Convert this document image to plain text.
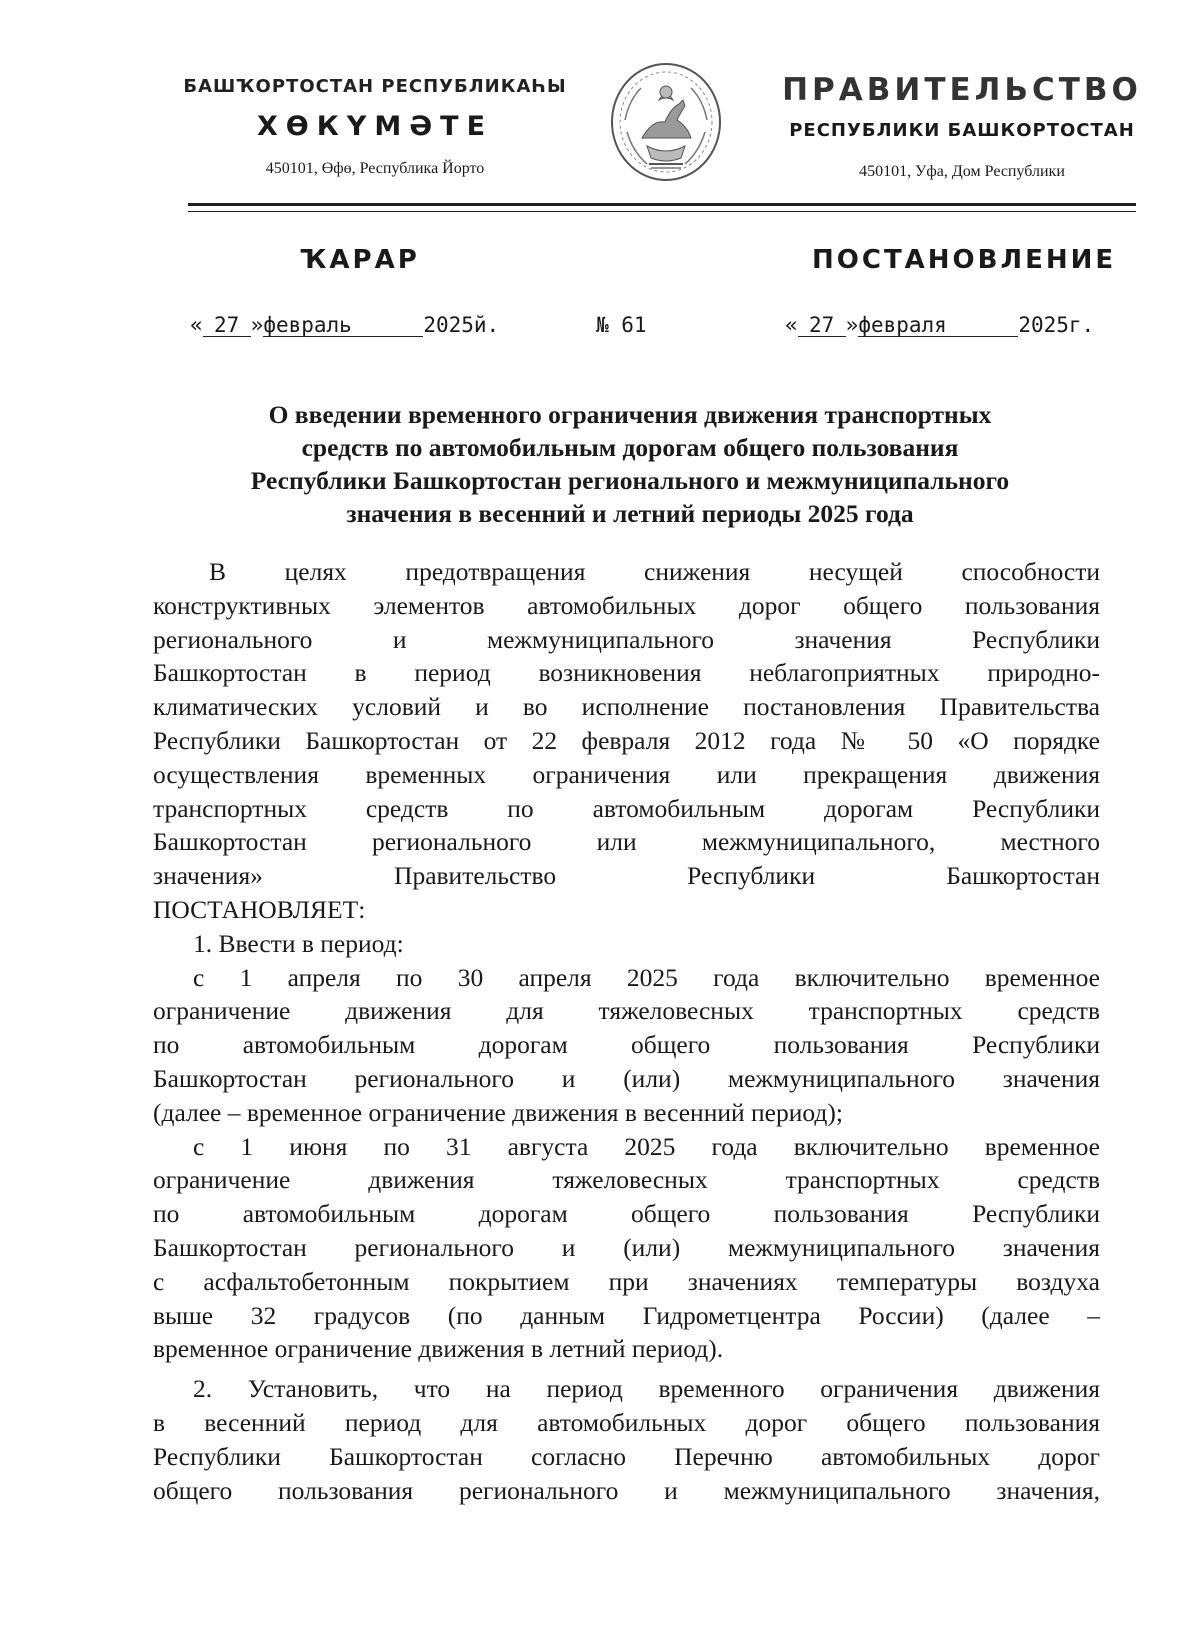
БАШҠОРТОСТАН РЕСПУБЛИКАҺЫ
ХӨКҮМӘТЕ
450101, Өфө, Республика Йорто
ПРАВИТЕЛЬСТВО
РЕСПУБЛИКИ БАШКОРТОСТАН
450101, Уфа, Дом Республики
ҠАРАР	ПОСТАНОВЛЕНИЕ
« 27 »февраль	2025й.	№ 61	« 27 »февраля	2025г.
О введении временного ограничения движения транспортных
средств по автомобильным дорогам общего пользования
Республики Башкортостан регионального и межмуниципального
значения в весенний и летний периоды 2025 года

В целях предотвращения снижения несущей способности

конструктивных элементов автомобильных дорог общего пользования

регионального и межмуниципального значения Республики

Башкортостан в период возникновения неблагоприятных природно-

климатических условий и во исполнение постановления Правительства

Республики Башкортостан от 22 февраля 2012 года № 50 «О порядке

осуществления временных ограничения или прекращения движения

транспортных средств по автомобильным дорогам Республики

Башкортостан регионального или межмуниципального, местного

значения» Правительство Республики Башкортостан

ПОСТАНОВЛЯЕТ:

1. Ввести в период:

с 1 апреля по 30 апреля 2025 года включительно временное

ограничение движения для тяжеловесных транспортных средств

по автомобильным дорогам общего пользования Республики

Башкортостан регионального и (или) межмуниципального значения

(далее – временное ограничение движения в весенний период);

с 1 июня по 31 августа 2025 года включительно временное

ограничение движения тяжеловесных транспортных средств

по автомобильным дорогам общего пользования Республики

Башкортостан регионального и (или) межмуниципального значения

с асфальтобетонным покрытием при значениях температуры воздуха

выше 32 градусов (по данным Гидрометцентра России) (далее –

временное ограничение движения в летний период).

2. Установить, что на период временного ограничения движения

в весенний период для автомобильных дорог общего пользования

Республики Башкортостан согласно Перечню автомобильных дорог

общего пользования регионального и межмуниципального значения,
